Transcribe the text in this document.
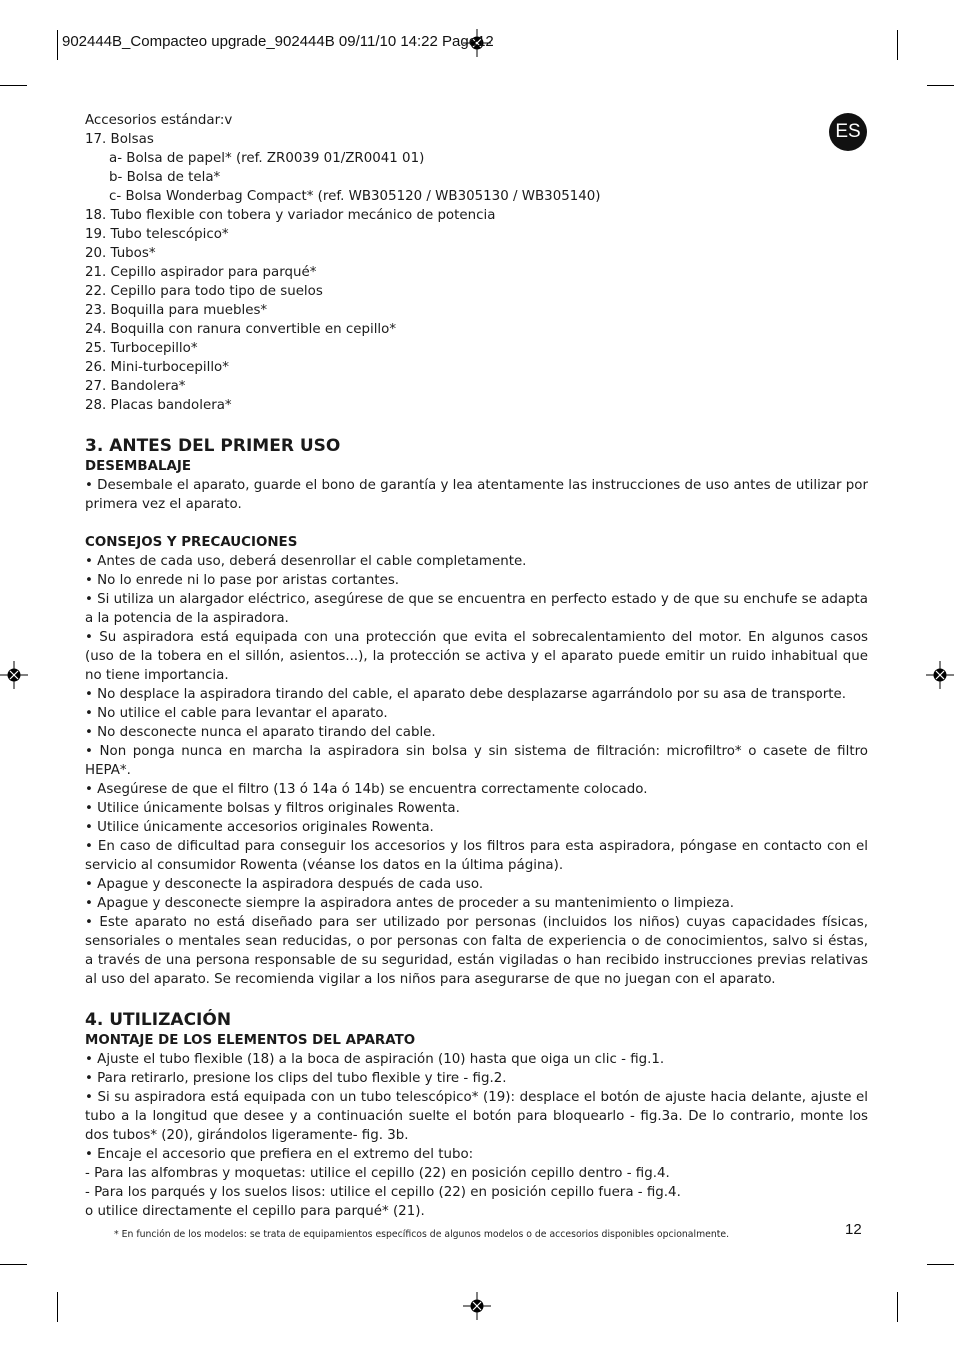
902444B_Compacteo upgrade_902444B 09/11/10 14:22 Page12
ES
Accesorios estándar:v
17. Bolsas
a- Bolsa de papel* (ref. ZR0039 01/ZR0041 01)
b- Bolsa de tela*
c- Bolsa Wonderbag Compact* (ref. WB305120 / WB305130 / WB305140)
18. Tubo flexible con tobera y variador mecánico de potencia
19. Tubo telescópico*
20. Tubos*
21. Cepillo aspirador para parqué*
22. Cepillo para todo tipo de suelos
23. Boquilla para muebles*
24. Boquilla con ranura convertible en cepillo*
25. Turbocepillo*
26. Mini-turbocepillo*
27. Bandolera*
28. Placas bandolera*
3. ANTES DEL PRIMER USO
DESEMBALAJE
• Desembale el aparato, guarde el bono de garantía y lea atentamente las instrucciones de uso antes de utilizar por primera vez el aparato.
CONSEJOS Y PRECAUCIONES
• Antes de cada uso, deberá desenrollar el cable completamente.
• No lo enrede ni lo pase por aristas cortantes.
• Si utiliza un alargador eléctrico, asegúrese de que se encuentra en perfecto estado y de que su enchufe se adapta a la potencia de la aspiradora.
• Su aspiradora está equipada con una protección que evita el sobrecalentamiento del motor. En algunos casos (uso de la tobera en el sillón, asientos...), la protección se activa y el aparato puede emitir un ruido inhabitual que no tiene importancia.
• No desplace la aspiradora tirando del cable, el aparato debe desplazarse agarrándolo por su asa de transporte.
• No utilice el cable para levantar el aparato.
• No desconecte nunca el aparato tirando del cable.
• Non ponga nunca en marcha la aspiradora sin bolsa y sin sistema de filtración: microfiltro* o casete de filtro HEPA*.
• Asegúrese de que el filtro (13 ó 14a ó 14b) se encuentra correctamente colocado.
• Utilice únicamente bolsas y filtros originales Rowenta.
• Utilice únicamente accesorios originales Rowenta.
• En caso de dificultad para conseguir los accesorios y los filtros para esta aspiradora, póngase en contacto con el servicio al consumidor Rowenta (véanse los datos en la última página).
• Apague y desconecte la aspiradora después de cada uso.
• Apague y desconecte siempre la aspiradora antes de proceder a su mantenimiento o limpieza.
• Este aparato no está diseñado para ser utilizado por personas (incluidos los niños) cuyas capacidades físicas, sensoriales o mentales sean reducidas, o por personas con falta de experiencia o de conocimientos, salvo si éstas, a través de una persona responsable de su seguridad, están vigiladas o han recibido instrucciones previas relativas al uso del aparato. Se recomienda vigilar a los niños para asegurarse de que no juegan con el aparato.
4. UTILIZACIÓN
MONTAJE DE LOS ELEMENTOS DEL APARATO
• Ajuste el tubo flexible (18) a la boca de aspiración (10) hasta que oiga un clic - fig.1.
• Para retirarlo, presione los clips del tubo flexible y tire - fig.2.
• Si su aspiradora está equipada con un tubo telescópico* (19): desplace el botón de ajuste hacia delante, ajuste el tubo a la longitud que desee y a continuación suelte el botón para bloquearlo - fig.3a. De lo contrario, monte los dos tubos* (20), girándolos ligeramente- fig. 3b.
• Encaje el accesorio que prefiera en el extremo del tubo:
- Para las alfombras y moquetas: utilice el cepillo (22) en posición cepillo dentro - fig.4.
- Para los parqués y los suelos lisos: utilice el cepillo (22) en posición cepillo fuera - fig.4.
o utilice directamente el cepillo para parqué* (21).
* En función de los modelos: se trata de equipamientos específicos de algunos modelos o de accesorios disponibles opcionalmente.	12
